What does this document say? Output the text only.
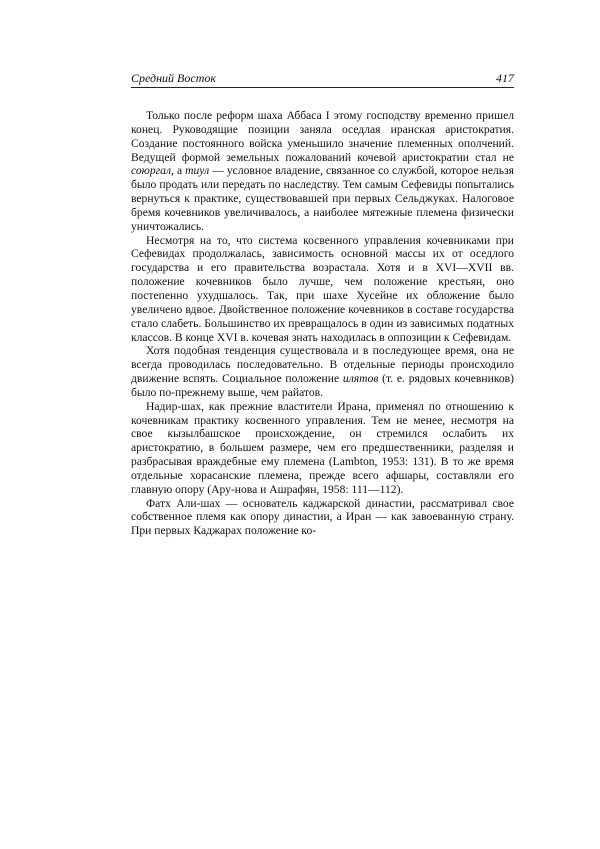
Средний Восток	417

Только после реформ шаха Аббаса I этому господству временно пришел конец. Руководящие позиции заняла оседлая иранская аристократия. Создание постоянного войска уменьшило значение племенных ополчений. Ведущей формой земельных пожалований кочевой аристократии стал не союргал, а тиул — условное владение, связанное со службой, которое нельзя было продать или передать по наследству. Тем самым Сефевиды попытались вернуться к практике, существовавшей при первых Сельджуках. Налоговое бремя кочевников увеличивалось, а наиболее мятежные племена физически уничтожались.

Несмотря на то, что система косвенного управления кочевниками при Сефевидах продолжалась, зависимость основной массы их от оседлого государства и его правительства возрастала. Хотя и в XVI—XVII вв. положение кочевников было лучше, чем положение крестьян, оно постепенно ухудшалось. Так, при шахе Хусейне их обложение было увеличено вдвое. Двойственное положение кочевников в составе государства стало слабеть. Большинство их превращалось в один из зависимых податных классов. В конце XVI в. кочевая знать находилась в оппозиции к Сефевидам.

Хотя подобная тенденция существовала и в последующее время, она не всегда проводилась последовательно. В отдельные периоды происходило движение вспять. Социальное положение илятов (т. е. рядовых кочевников) было по-прежнему выше, чем райатов.

Надир-шах, как прежние властители Ирана, применял по отношению к кочевникам практику косвенного управления. Тем не менее, несмотря на свое кызылбашское происхождение, он стремился ослабить их аристократию, в большем размере, чем его предшественники, разделяя и разбрасывая враждебные ему племена (Lambton, 1953: 131). В то же время отдельные хорасанские племена, прежде всего афшары, составляли его главную опору (Ару-нова и Ашрафян, 1958: 111—112).

Фатх Али-шах — основатель каджарской династии, рассматривал свое собственное племя как опору династии, а Иран — как завоеванную страну. При первых Каджарах положение ко-
